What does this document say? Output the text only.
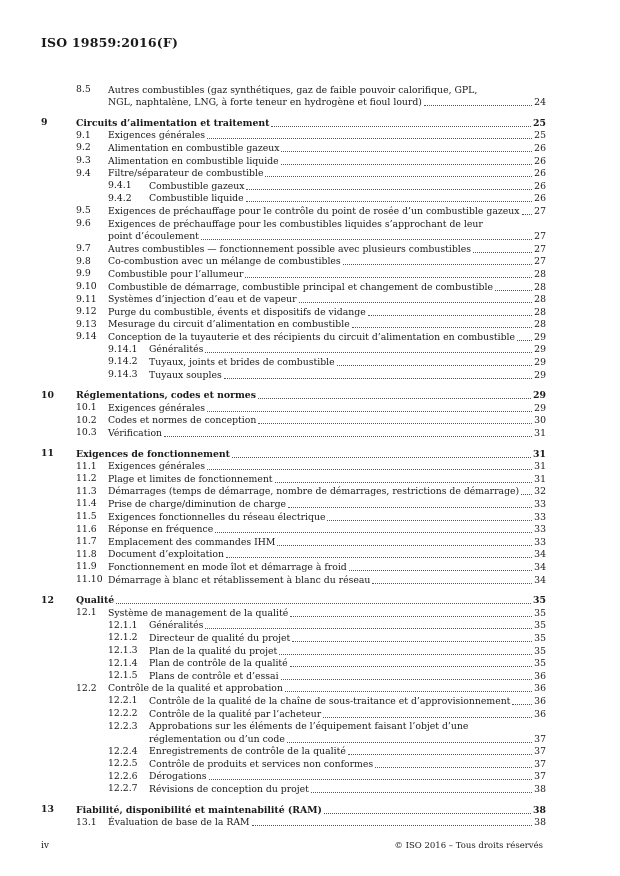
ISO 19859:2016(F)
8.5 Autres combustibles (gaz synthétiques, gaz de faible pouvoir calorifique, GPL,
NGL, naphtalène, LNG, à forte teneur en hydrogène et fioul lourd)	24
9	Circuits d’alimentation et traitement	25
9.1 Exigences générales	25
9.2 Alimentation en combustible gazeux	26
9.3 Alimentation en combustible liquide	26
9.4 Filtre/séparateur de combustible	26
9.4.1 Combustible gazeux	26
9.4.2 Combustible liquide	26
9.5 Exigences de préchauffage pour le contrôle du point de rosée d’un combustible gazeux 27
9.6 Exigences de préchauffage pour les combustibles liquides s’approchant de leur
point d’écoulement	27
9.7 Autres combustibles — fonctionnement possible avec plusieurs combustibles	27
9.8 Co-combustion avec un mélange de combustibles	27
9.9 Combustible pour l’allumeur	28
9.10 Combustible de démarrage, combustible principal et changement de combustible	28
9.11 Systèmes d’injection d’eau et de vapeur	28
9.12 Purge du combustible, évents et dispositifs de vidange	28
9.13 Mesurage du circuit d’alimentation en combustible	28
9.14 Conception de la tuyauterie et des récipients du circuit d’alimentation en combustible 29
9.14.1 Généralités	29
9.14.2 Tuyaux, joints et brides de combustible	29
9.14.3 Tuyaux souples	29
10 Réglementations, codes et normes	29
10.1 Exigences générales	29
10.2 Codes et normes de conception	30
10.3 Vérification	31
11 Exigences de fonctionnement	31
11.1 Exigences générales	31
11.2 Plage et limites de fonctionnement	31
11.3 Démarrages (temps de démarrage, nombre de démarrages, restrictions de démarrage) 32
11.4 Prise de charge/diminution de charge	33
11.5 Exigences fonctionnelles du réseau électrique	33
11.6 Réponse en fréquence	33
11.7 Emplacement des commandes IHM	33
11.8 Document d’exploitation	34
11.9 Fonctionnement en mode îlot et démarrage à froid	34
11.10 Démarrage à blanc et rétablissement à blanc du réseau	34
12 Qualité	35
12.1 Système de management de la qualité	35
12.1.1 Généralités	35
12.1.2 Directeur de qualité du projet	35
12.1.3 Plan de la qualité du projet	35
12.1.4 Plan de contrôle de la qualité	35
12.1.5 Plans de contrôle et d’essai	36
12.2 Contrôle de la qualité et approbation	36
12.2.1 Contrôle de la qualité de la chaîne de sous-traitance et d’approvisionnement	36
12.2.2 Contrôle de la qualité par l’acheteur	36
12.2.3 Approbations sur les éléments de l’équipement faisant l’objet d’une
réglementation ou d’un code	37
12.2.4 Enregistrements de contrôle de la qualité	37
12.2.5 Contrôle de produits et services non conformes	37
12.2.6 Dérogations	37
12.2.7 Révisions de conception du projet	38
13 Fiabilité, disponibilité et maintenabilité (RAM)	38
13.1 Évaluation de base de la RAM	38
iv	© ISO 2016 – Tous droits réservés
